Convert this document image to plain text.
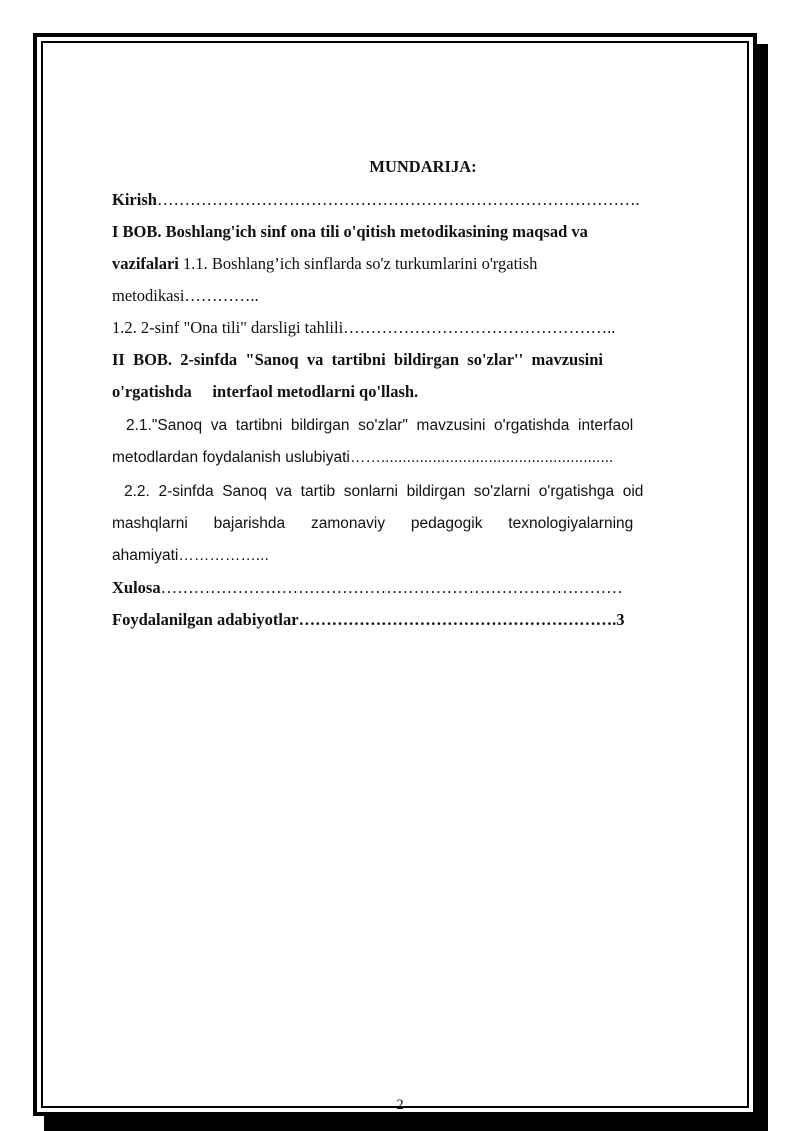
MUNDARIJA:

Kirish…………………………………………………………………………….

I BOB. Boshlang'ich sinf ona tili o'qitish metodikasining maqsad va

vazifalari 1.1. Boshlang’ich sinflarda so'z turkumlarini o'rgatish

metodikasi…………..

1.2. 2-sinf "Ona tili" darsligi tahlili…………………………………………..

II  BOB.  2-sinfda  "Sanoq  va  tartibni  bildirgan  so'zlar''  mavzusini

o'rgatishda     interfaol metodlarni qo'llash.

2.1."Sanoq  va  tartibni  bildirgan  so'zlar"  mavzusini  o'rgatishda  interfaol

metodlardan foydalanish uslubiyati……......................................................

2.2.  2-sinfda  Sanoq  va  tartib  sonlarni  bildirgan  so'zlarni  o'rgatishga  oid

mashqlarni      bajarishda      zamonaviy      pedagogik      texnologiyalarning

ahamiyati……………...

Xulosa…………………………………………………………………………

Foydalanilgan adabiyotlar………………………………………………….3

2
